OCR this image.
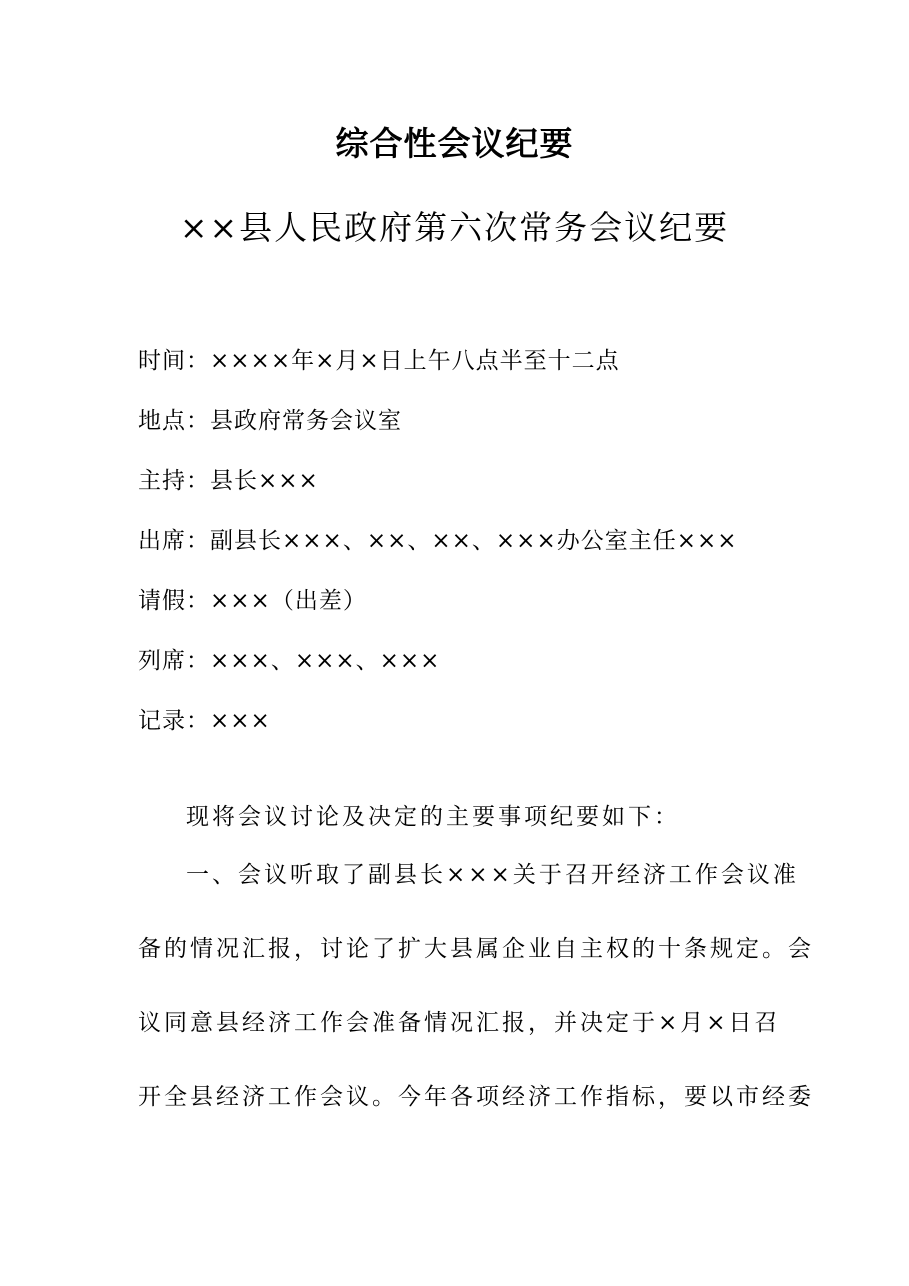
综合性会议纪要
××县人民政府第六次常务会议纪要
时间：××××年×月×日上午八点半至十二点
地点：县政府常务会议室
主持：县长×××
出席：副县长×××、××、××、×××办公室主任×××
请假：×××（出差）
列席：×××、×××、×××
记录：×××
现将会议讨论及决定的主要事项纪要如下：
一、会议听取了副县长×××关于召开经济工作会议准
备的情况汇报，讨论了扩大县属企业自主权的十条规定。会
议同意县经济工作会准备情况汇报，并决定于×月×日召
开全县经济工作会议。今年各项经济工作指标，要以市经委
